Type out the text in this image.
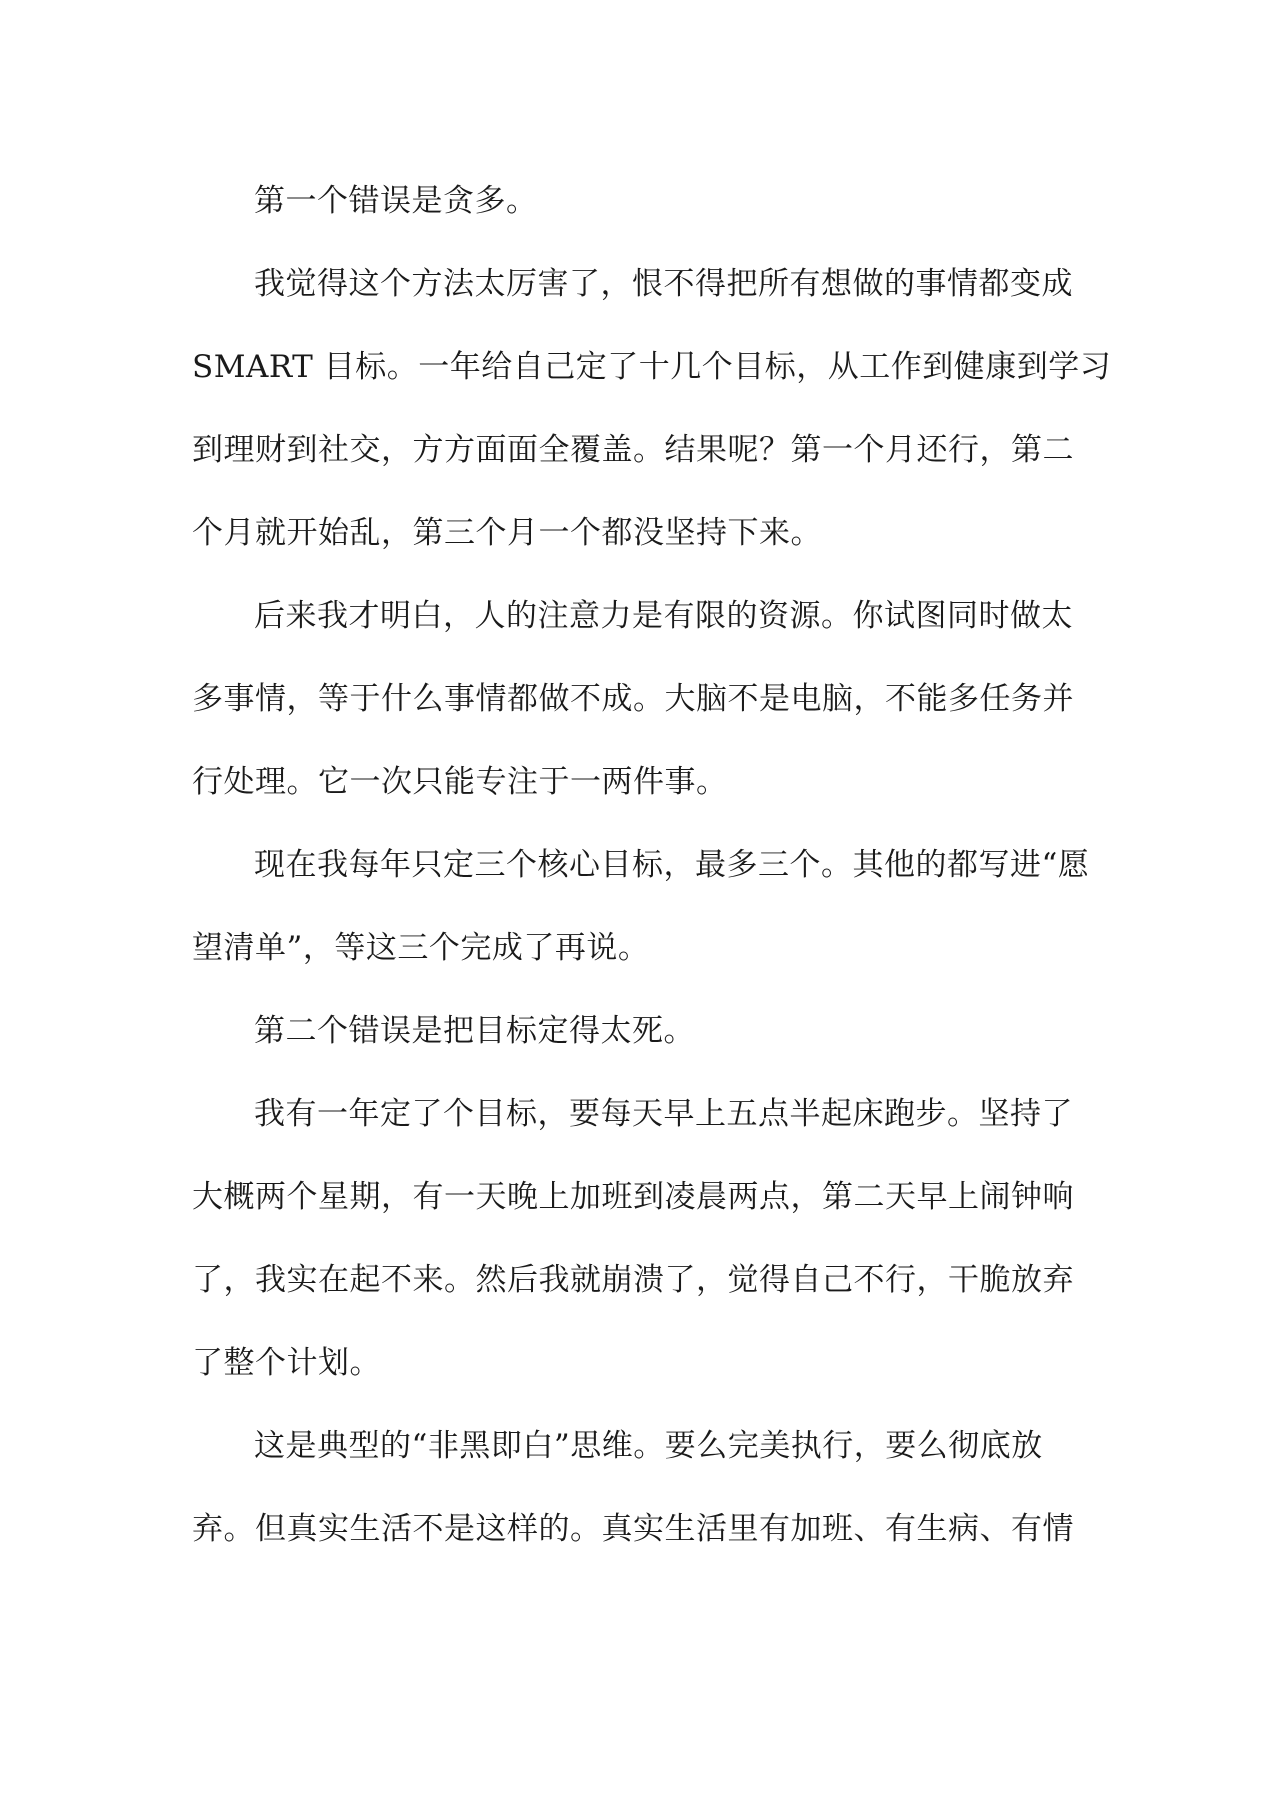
第一个错误是贪多。
我觉得这个方法太厉害了，恨不得把所有想做的事情都变成
SMART 目标。一年给自己定了十几个目标，从工作到健康到学习
到理财到社交，方方面面全覆盖。结果呢？第一个月还行，第二
个月就开始乱，第三个月一个都没坚持下来。
后来我才明白，人的注意力是有限的资源。你试图同时做太
多事情，等于什么事情都做不成。大脑不是电脑，不能多任务并
行处理。它一次只能专注于一两件事。
现在我每年只定三个核心目标，最多三个。其他的都写进“愿
望清单”，等这三个完成了再说。
第二个错误是把目标定得太死。
我有一年定了个目标，要每天早上五点半起床跑步。坚持了
大概两个星期，有一天晚上加班到凌晨两点，第二天早上闹钟响
了，我实在起不来。然后我就崩溃了，觉得自己不行，干脆放弃
了整个计划。
这是典型的“非黑即白”思维。要么完美执行，要么彻底放
弃。但真实生活不是这样的。真实生活里有加班、有生病、有情
